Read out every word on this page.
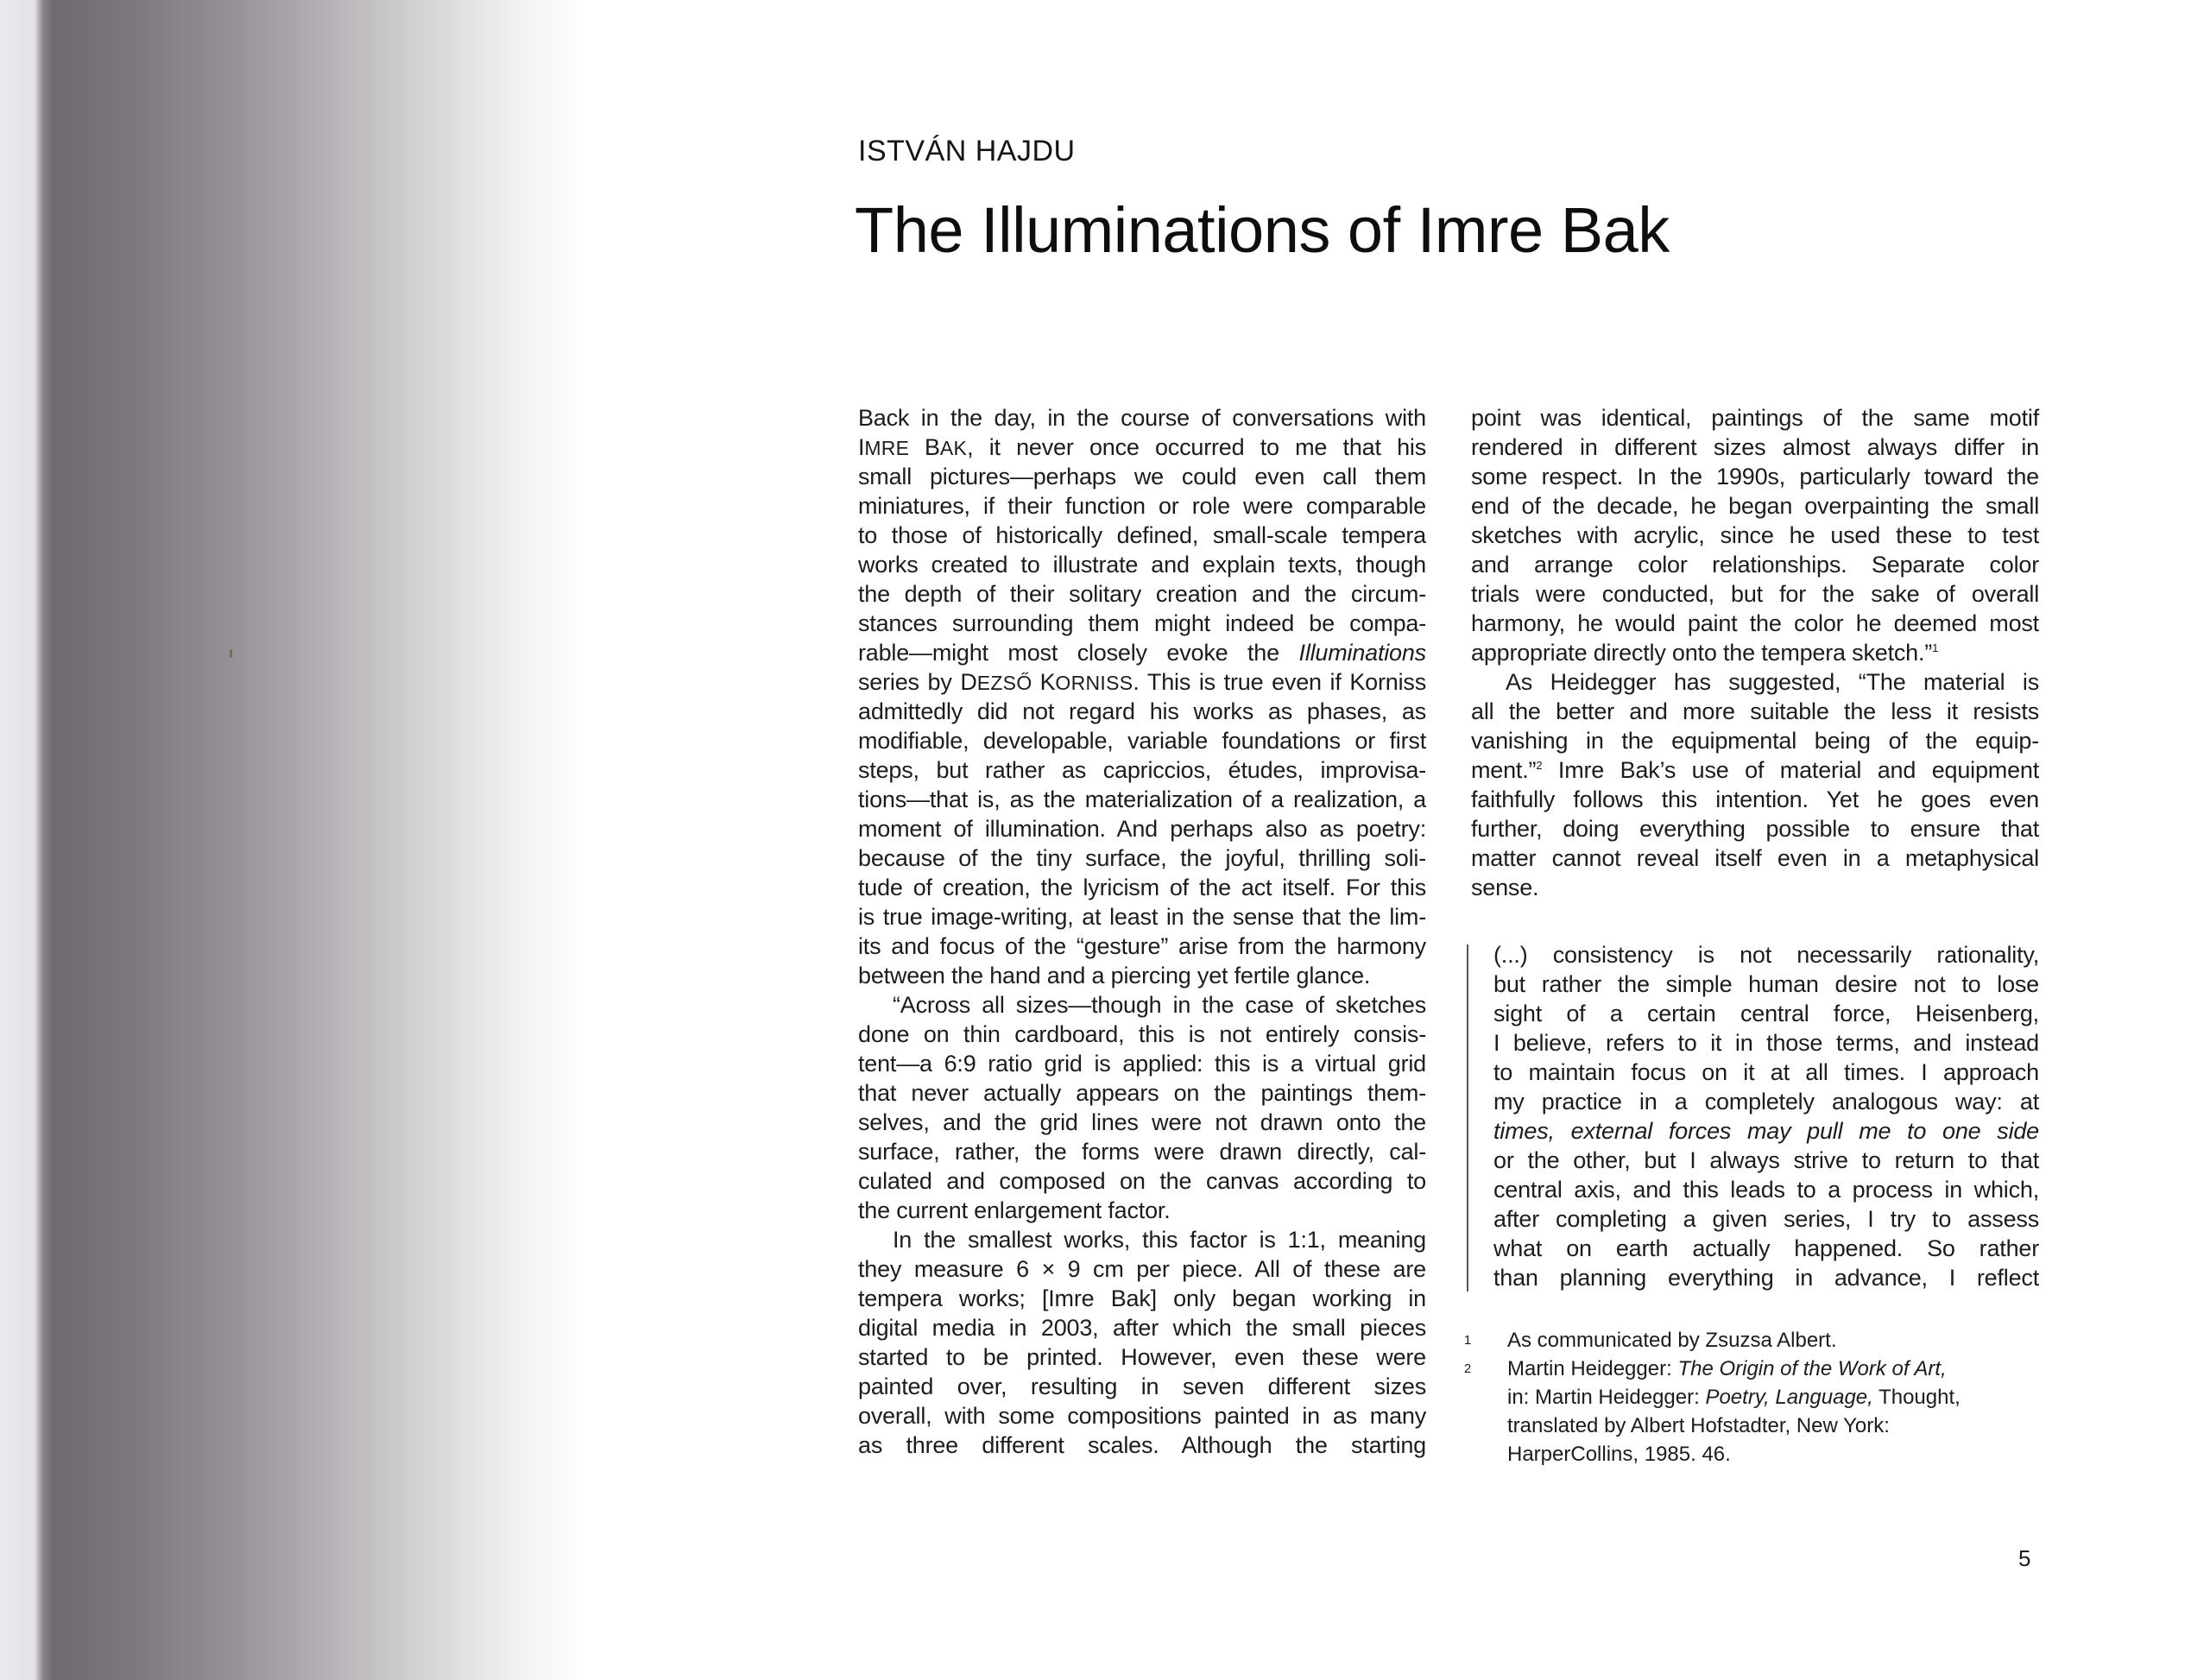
ISTVÁN HAJDU
The Illuminations of Imre Bak
Back in the day, in the course of conversations with
IMRE BAK, it never once occurred to me that his
small pictures—perhaps we could even call them
miniatures, if their function or role were comparable
to those of historically defined, small-scale tempera
works created to illustrate and explain texts, though
the depth of their solitary creation and the circum-
stances surrounding them might indeed be compa-
rable—might most closely evoke the Illuminations
series by DEZSŐ KORNISS. This is true even if Korniss
admittedly did not regard his works as phases, as
modifiable, developable, variable foundations or first
steps, but rather as capriccios, études, improvisa-
tions—that is, as the materialization of a realization, a
moment of illumination. And perhaps also as poetry:
because of the tiny surface, the joyful, thrilling soli-
tude of creation, the lyricism of the act itself. For this
is true image-writing, at least in the sense that the lim-
its and focus of the “gesture” arise from the harmony
between the hand and a piercing yet fertile glance.
“Across all sizes—though in the case of sketches
done on thin cardboard, this is not entirely consis-
tent—a 6:9 ratio grid is applied: this is a virtual grid
that never actually appears on the paintings them-
selves, and the grid lines were not drawn onto the
surface, rather, the forms were drawn directly, cal-
culated and composed on the canvas according to
the current enlargement factor.
In the smallest works, this factor is 1:1, meaning
they measure 6 × 9 cm per piece. All of these are
tempera works; [Imre Bak] only began working in
digital media in 2003, after which the small pieces
started to be printed. However, even these were
painted over, resulting in seven different sizes
overall, with some compositions painted in as many
as three different scales. Although the starting
point was identical, paintings of the same motif
rendered in different sizes almost always differ in
some respect. In the 1990s, particularly toward the
end of the decade, he began overpainting the small
sketches with acrylic, since he used these to test
and arrange color relationships. Separate color
trials were conducted, but for the sake of overall
harmony, he would paint the color he deemed most
appropriate directly onto the tempera sketch.”$^1$
As Heidegger has suggested, “The material is
all the better and more suitable the less it resists
vanishing in the equipmental being of the equip-
ment.”$^2$ Imre Bak’s use of material and equipment
faithfully follows this intention. Yet he goes even
further, doing everything possible to ensure that
matter cannot reveal itself even in a metaphysical
sense.
(...) consistency is not necessarily rationality,
but rather the simple human desire not to lose
sight of a certain central force, Heisenberg,
I believe, refers to it in those terms, and instead
to maintain focus on it at all times. I approach
my practice in a completely analogous way: at
times, external forces may pull me to one side
or the other, but I always strive to return to that
central axis, and this leads to a process in which,
after completing a given series, I try to assess
what on earth actually happened. So rather
than planning everything in advance, I reflect
1 As communicated by Zsuzsa Albert.
2 Martin Heidegger: The Origin of the Work of Art,
in: Martin Heidegger: Poetry, Language, Thought,
translated by Albert Hofstadter, New York:
HarperCollins, 1985. 46.
5
